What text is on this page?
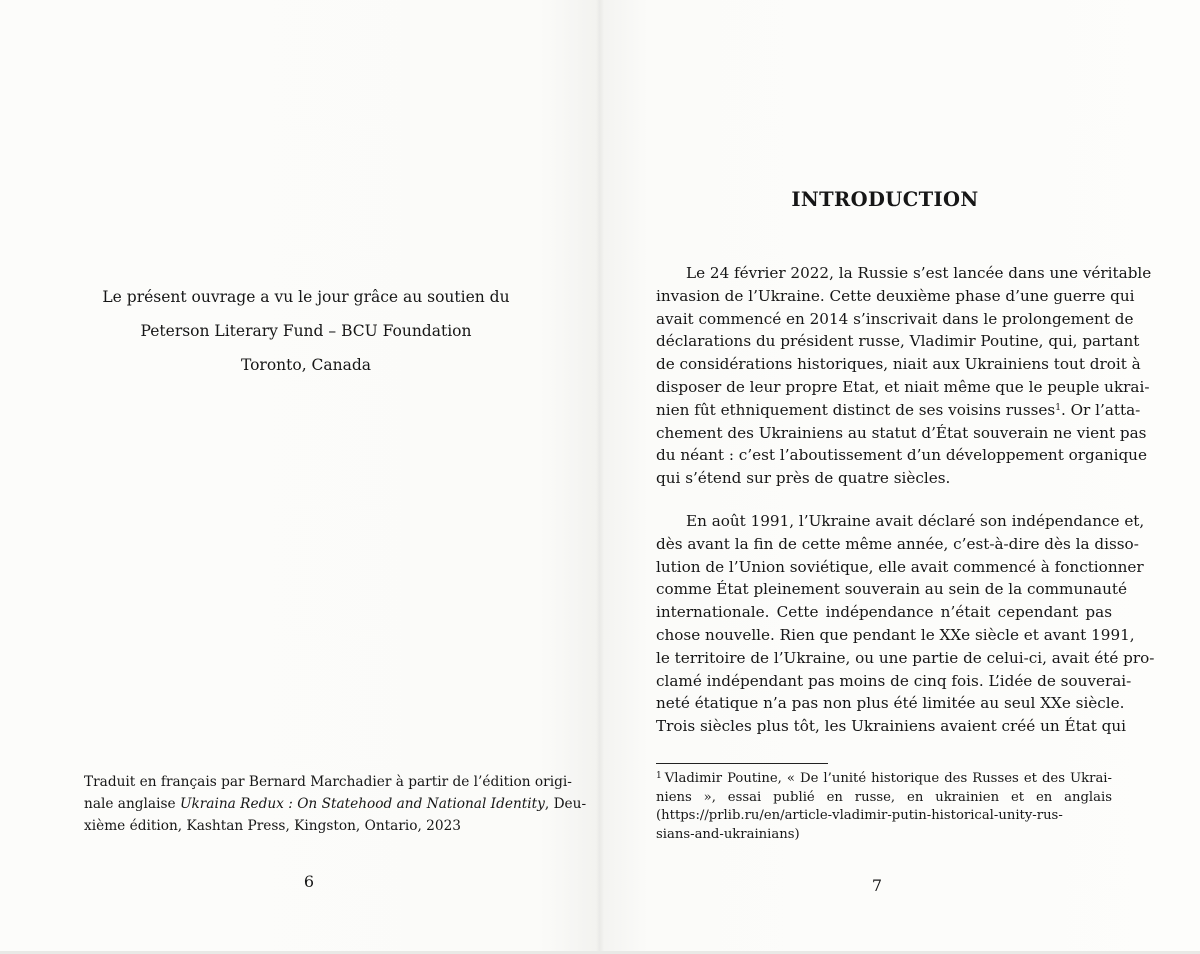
Le présent ouvrage a vu le jour grâce au soutien du
Peterson Literary Fund – BCU Foundation
Toronto, Canada
Traduit en français par Bernard Marchadier à partir de l’édition origi-
nale anglaise Ukraina Redux : On Statehood and National Identity, Deu-
xième édition, Kashtan Press, Kingston, Ontario, 2023
6
INTRODUCTION
Le 24 février 2022, la Russie s’est lancée dans une véritable
invasion de l’Ukraine. Cette deuxième phase d’une guerre qui
avait commencé en 2014 s’inscrivait dans le prolongement de
déclarations du président russe, Vladimir Poutine, qui, partant
de considérations historiques, niait aux Ukrainiens tout droit à
disposer de leur propre Etat, et niait même que le peuple ukrai-
nien fût ethniquement distinct de ses voisins russes$^1$. Or l’atta-
chement des Ukrainiens au statut d’État souverain ne vient pas
du néant : c’est l’aboutissement d’un développement organique
qui s’étend sur près de quatre siècles.
En août 1991, l’Ukraine avait déclaré son indépendance et,
dès avant la fin de cette même année, c’est-à-dire dès la disso-
lution de l’Union soviétique, elle avait commencé à fonctionner
comme État pleinement souverain au sein de la communauté
internationale. Cette indépendance n’était cependant pas
chose nouvelle. Rien que pendant le XXe siècle et avant 1991,
le territoire de l’Ukraine, ou une partie de celui-ci, avait été pro-
clamé indépendant pas moins de cinq fois. L’idée de souverai-
neté étatique n’a pas non plus été limitée au seul XXe siècle.
Trois siècles plus tôt, les Ukrainiens avaient créé un État qui
$^1$ Vladimir Poutine, « De l’unité historique des Russes et des Ukrai-
niens », essai publié en russe, en ukrainien et en anglais
(https://prlib.ru/en/article-vladimir-putin-historical-unity-rus-
sians-and-ukrainians)
7
